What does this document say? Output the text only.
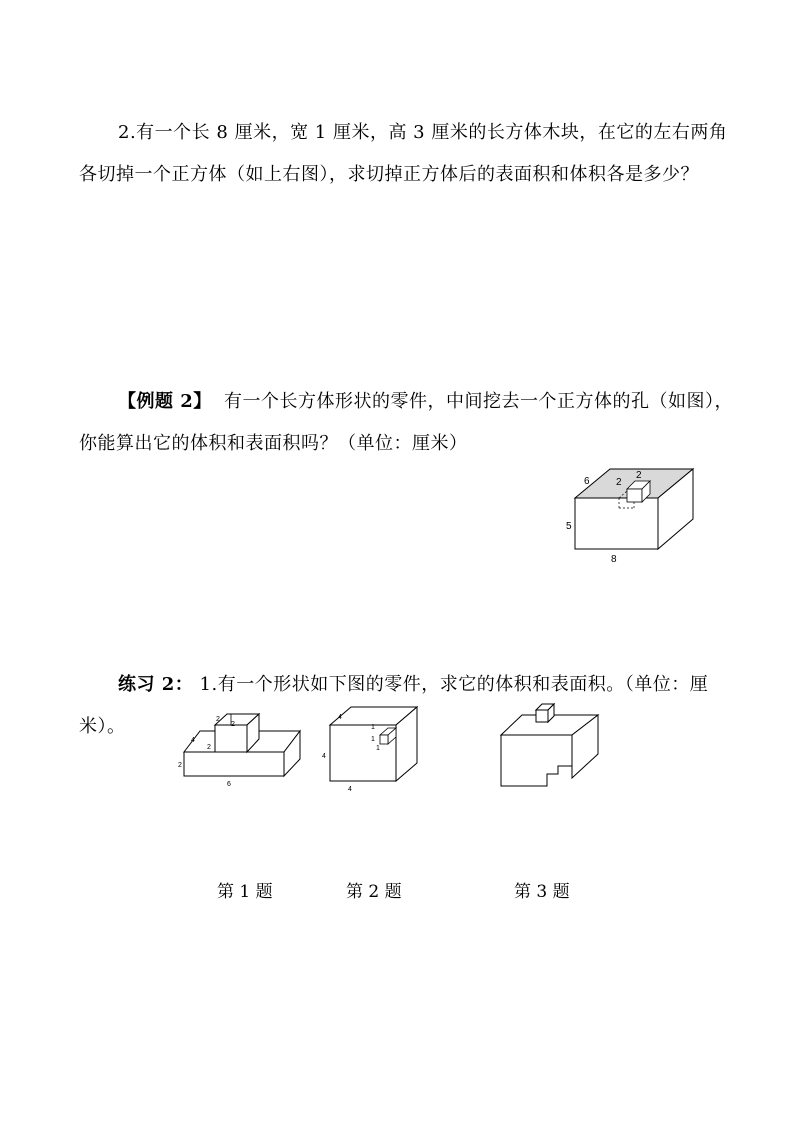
2.有一个长 8 厘米，宽 1 厘米，高 3 厘米的长方体木块，在它的左右两角
各切掉一个正方体（如上右图），求切掉正方体后的表面积和体积各是多少？
【例题 2】 有一个长方体形状的零件，中间挖去一个正方体的孔（如图），
你能算出它的体积和表面积吗？（单位：厘米）
6	2
2
5
8
练习 2： 1.有一个形状如下图的零件，求它的体积和表面积。（单位：厘
米）。	2
2
4
2
2
6
4
1
1
1
4
4
第 1 题	第 2 题	第 3 题
